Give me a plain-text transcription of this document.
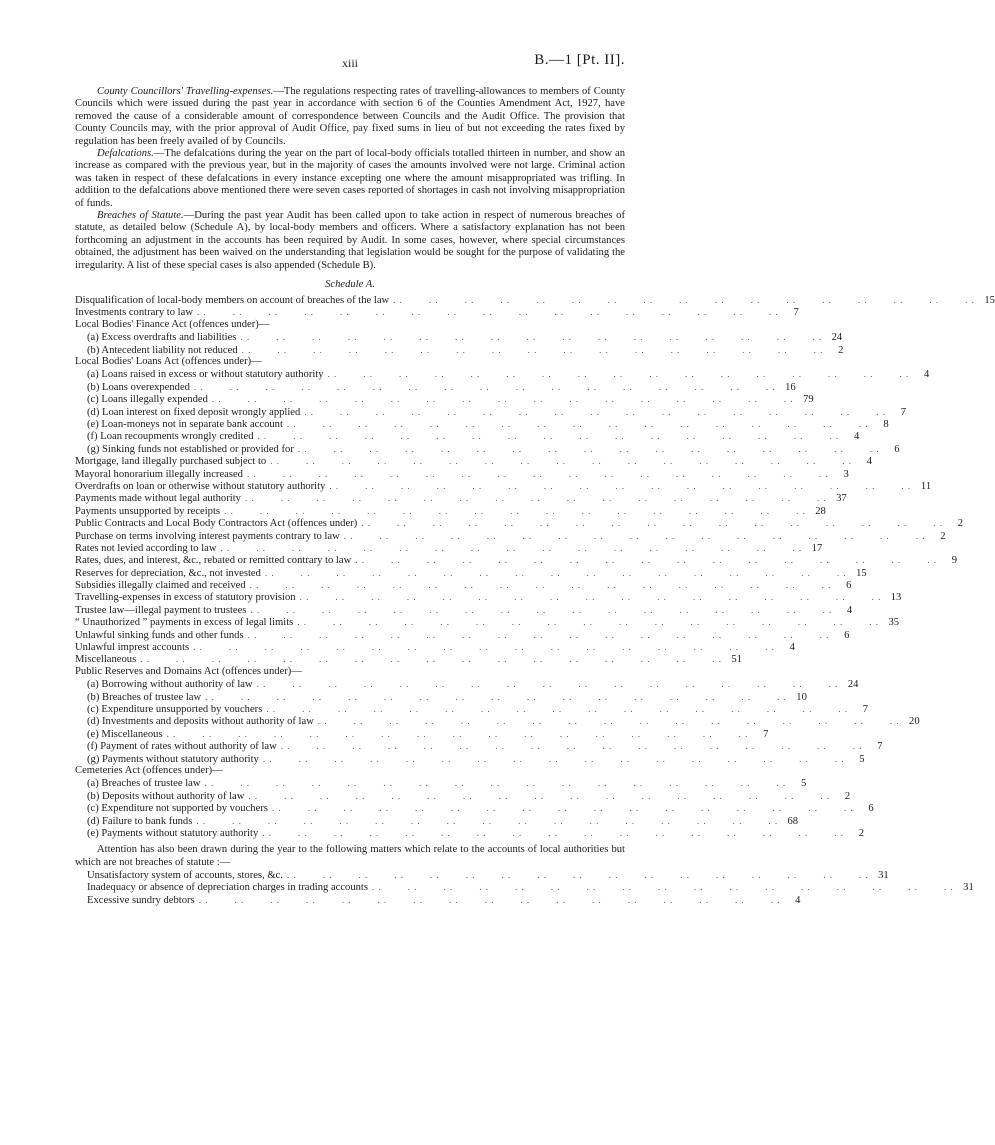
xiii	B.—1 [Pt. II].

County Councillors' Travelling-expenses.—The regulations respecting rates of travelling-allowances to members of County Councils which were issued during the past year in accordance with section 6 of the Counties Amendment Act, 1927, have removed the cause of a considerable amount of correspondence between Councils and the Audit Office. The provision that County Councils may, with the prior approval of Audit Office, pay fixed sums in lieu of but not exceeding the rates fixed by regulation has been freely availed of by Councils.

Defalcations.—The defalcations during the year on the part of local-body officials totalled thirteen in number, and show an increase as compared with the previous year, but in the majority of cases the amounts involved were not large. Criminal action was taken in respect of these defalcations in every instance excepting one where the amount misappropriated was trifling. In addition to the defalcations above mentioned there were seven cases reported of shortages in cash not involving misappropriation of funds.

Breaches of Statute.—During the past year Audit has been called upon to take action in respect of numerous breaches of statute, as detailed below (Schedule A), by local-body members and officers. Where a satisfactory explanation has not been forthcoming an adjustment in the accounts has been required by Audit. In some cases, however, where special circumstances obtained, the adjustment has been waived on the understanding that legislation would be sought for the purpose of validating the irregularity. A list of these special cases is also appended (Schedule B).

Schedule A.
Disqualification of local-body members on account of breaches of the law . .	15
Investments contrary to law . .	7
Local Bodies' Finance Act (offences under)—
(a) Excess overdrafts and liabilities . .	24
(b) Antecedent liability not reduced . .	2
Local Bodies' Loans Act (offences under)—
(a) Loans raised in excess or without statutory authority . .	4
(b) Loans overexpended . .	16
(c) Loans illegally expended . .	79
(d) Loan interest on fixed deposit wrongly applied . .	7
(e) Loan-moneys not in separate bank account . .	8
(f) Loan recoupments wrongly credited . .	4
(g) Sinking funds not established or provided for . .	6
Mortgage, land illegally purchased subject to . .	4
Mayoral honorarium illegally increased . .	3
Overdrafts on loan or otherwise without statutory authority . .	11
Payments made without legal authority . .	37
Payments unsupported by receipts . .	28
Public Contracts and Local Body Contractors Act (offences under) . .	2
Purchase on terms involving interest payments contrary to law . .	2
Rates not levied according to law . .	17
Rates, dues, and interest, &c., rebated or remitted contrary to law . .	9
Reserves for depreciation, &c., not invested . .	15
Subsidies illegally claimed and received . .	6
Travelling-expenses in excess of statutory provision . .	13
Trustee law—illegal payment to trustees . .	4
“ Unauthorized ” payments in excess of legal limits . .	35
Unlawful sinking funds and other funds . .	6
Unlawful imprest accounts . .	4
Miscellaneous . .	51
Public Reserves and Domains Act (offences under)—
(a) Borrowing without authority of law . .	24
(b) Breaches of trustee law . .	10
(c) Expenditure unsupported by vouchers . .	7
(d) Investments and deposits without authority of law . .	20
(e) Miscellaneous . .	7
(f) Payment of rates without authority of law . .	7
(g) Payments without statutory authority . .	5
Cemeteries Act (offences under)—
(a) Breaches of trustee law . .	5
(b) Deposits without authority of law . .	2
(c) Expenditure not supported by vouchers . .	6
(d) Failure to bank funds . .	68
(e) Payments without statutory authority . .	2

Attention has also been drawn during the year to the following matters which relate to the accounts of local authorities but which are not breaches of statute :—

Unsatisfactory system of accounts, stores, &c. . .	31
Inadequacy or absence of depreciation charges in trading accounts . .	31
Excessive sundry debtors . .	4
